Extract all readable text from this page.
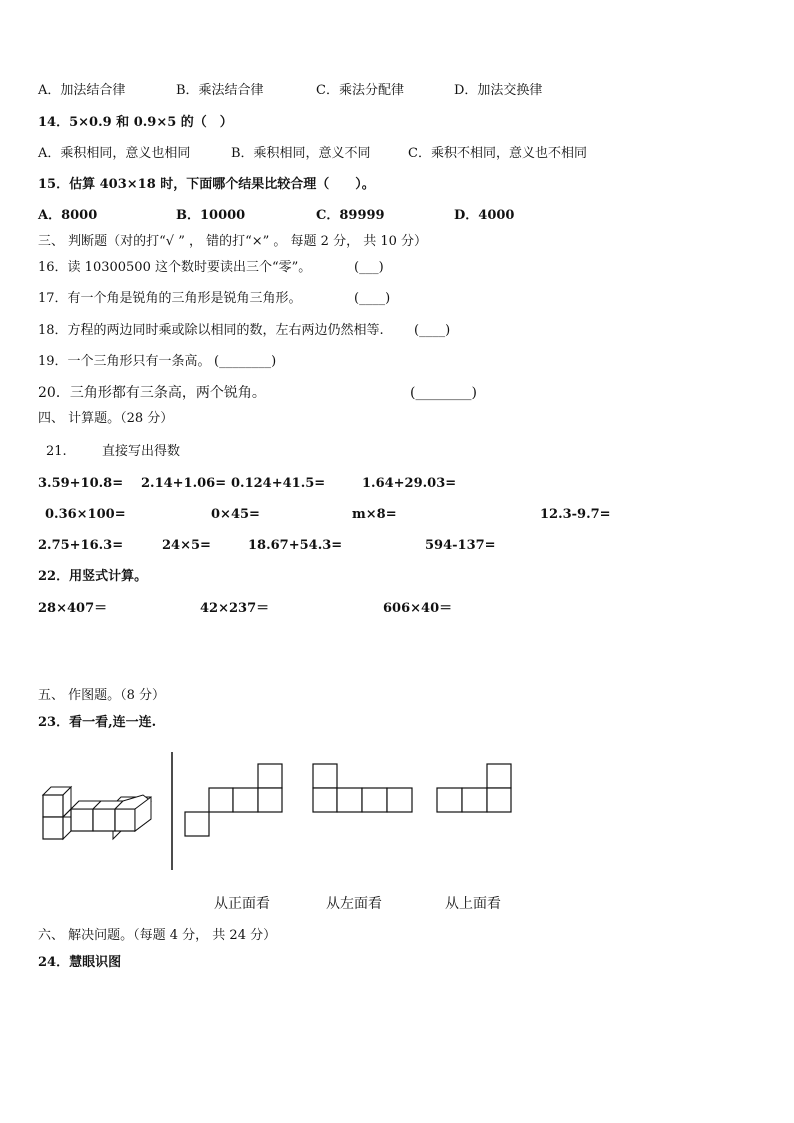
A．加法结合律	B．乘法结合律	C．乘法分配律	D．加法交换律
14．5×0.9 和 0.9×5 的（　）
A．乘积相同，意义也相同	B．乘积相同，意义不同	C．乘积不相同，意义也不相同
15．估算 403×18 时，下面哪个结果比较合理（　　）。
A．8000	B．10000	C．89999	D．4000
三、 判断题（对的打“√ ” ， 错的打“×” 。 每题 2 分， 共 10 分）
16．读 10300500 这个数时要读出三个“零”。	(___)
17．有一个角是锐角的三角形是锐角三角形。	(____)
18．方程的两边同时乘或除以相同的数，左右两边仍然相等. (____)
19．一个三角形只有一条高。 (________)
20．三角形都有三条高，两个锐角。	(________)
四、 计算题。（28 分）
21.	直接写出得数
3.59+10.8= 2.14+1.06= 0.124+41.5=	1.64+29.03=
0.36×100=	0×45=	m×8=	12.3-9.7=
2.75+16.3=	24×5=	18.67+54.3=	594-137=
22．用竖式计算。
28×407＝	42×237＝	606×40＝
五、 作图题。（8 分）
23．看一看,连一连.
从正面看	从左面看	从上面看
六、 解决问题。（每题 4 分， 共 24 分）
24．慧眼识图
